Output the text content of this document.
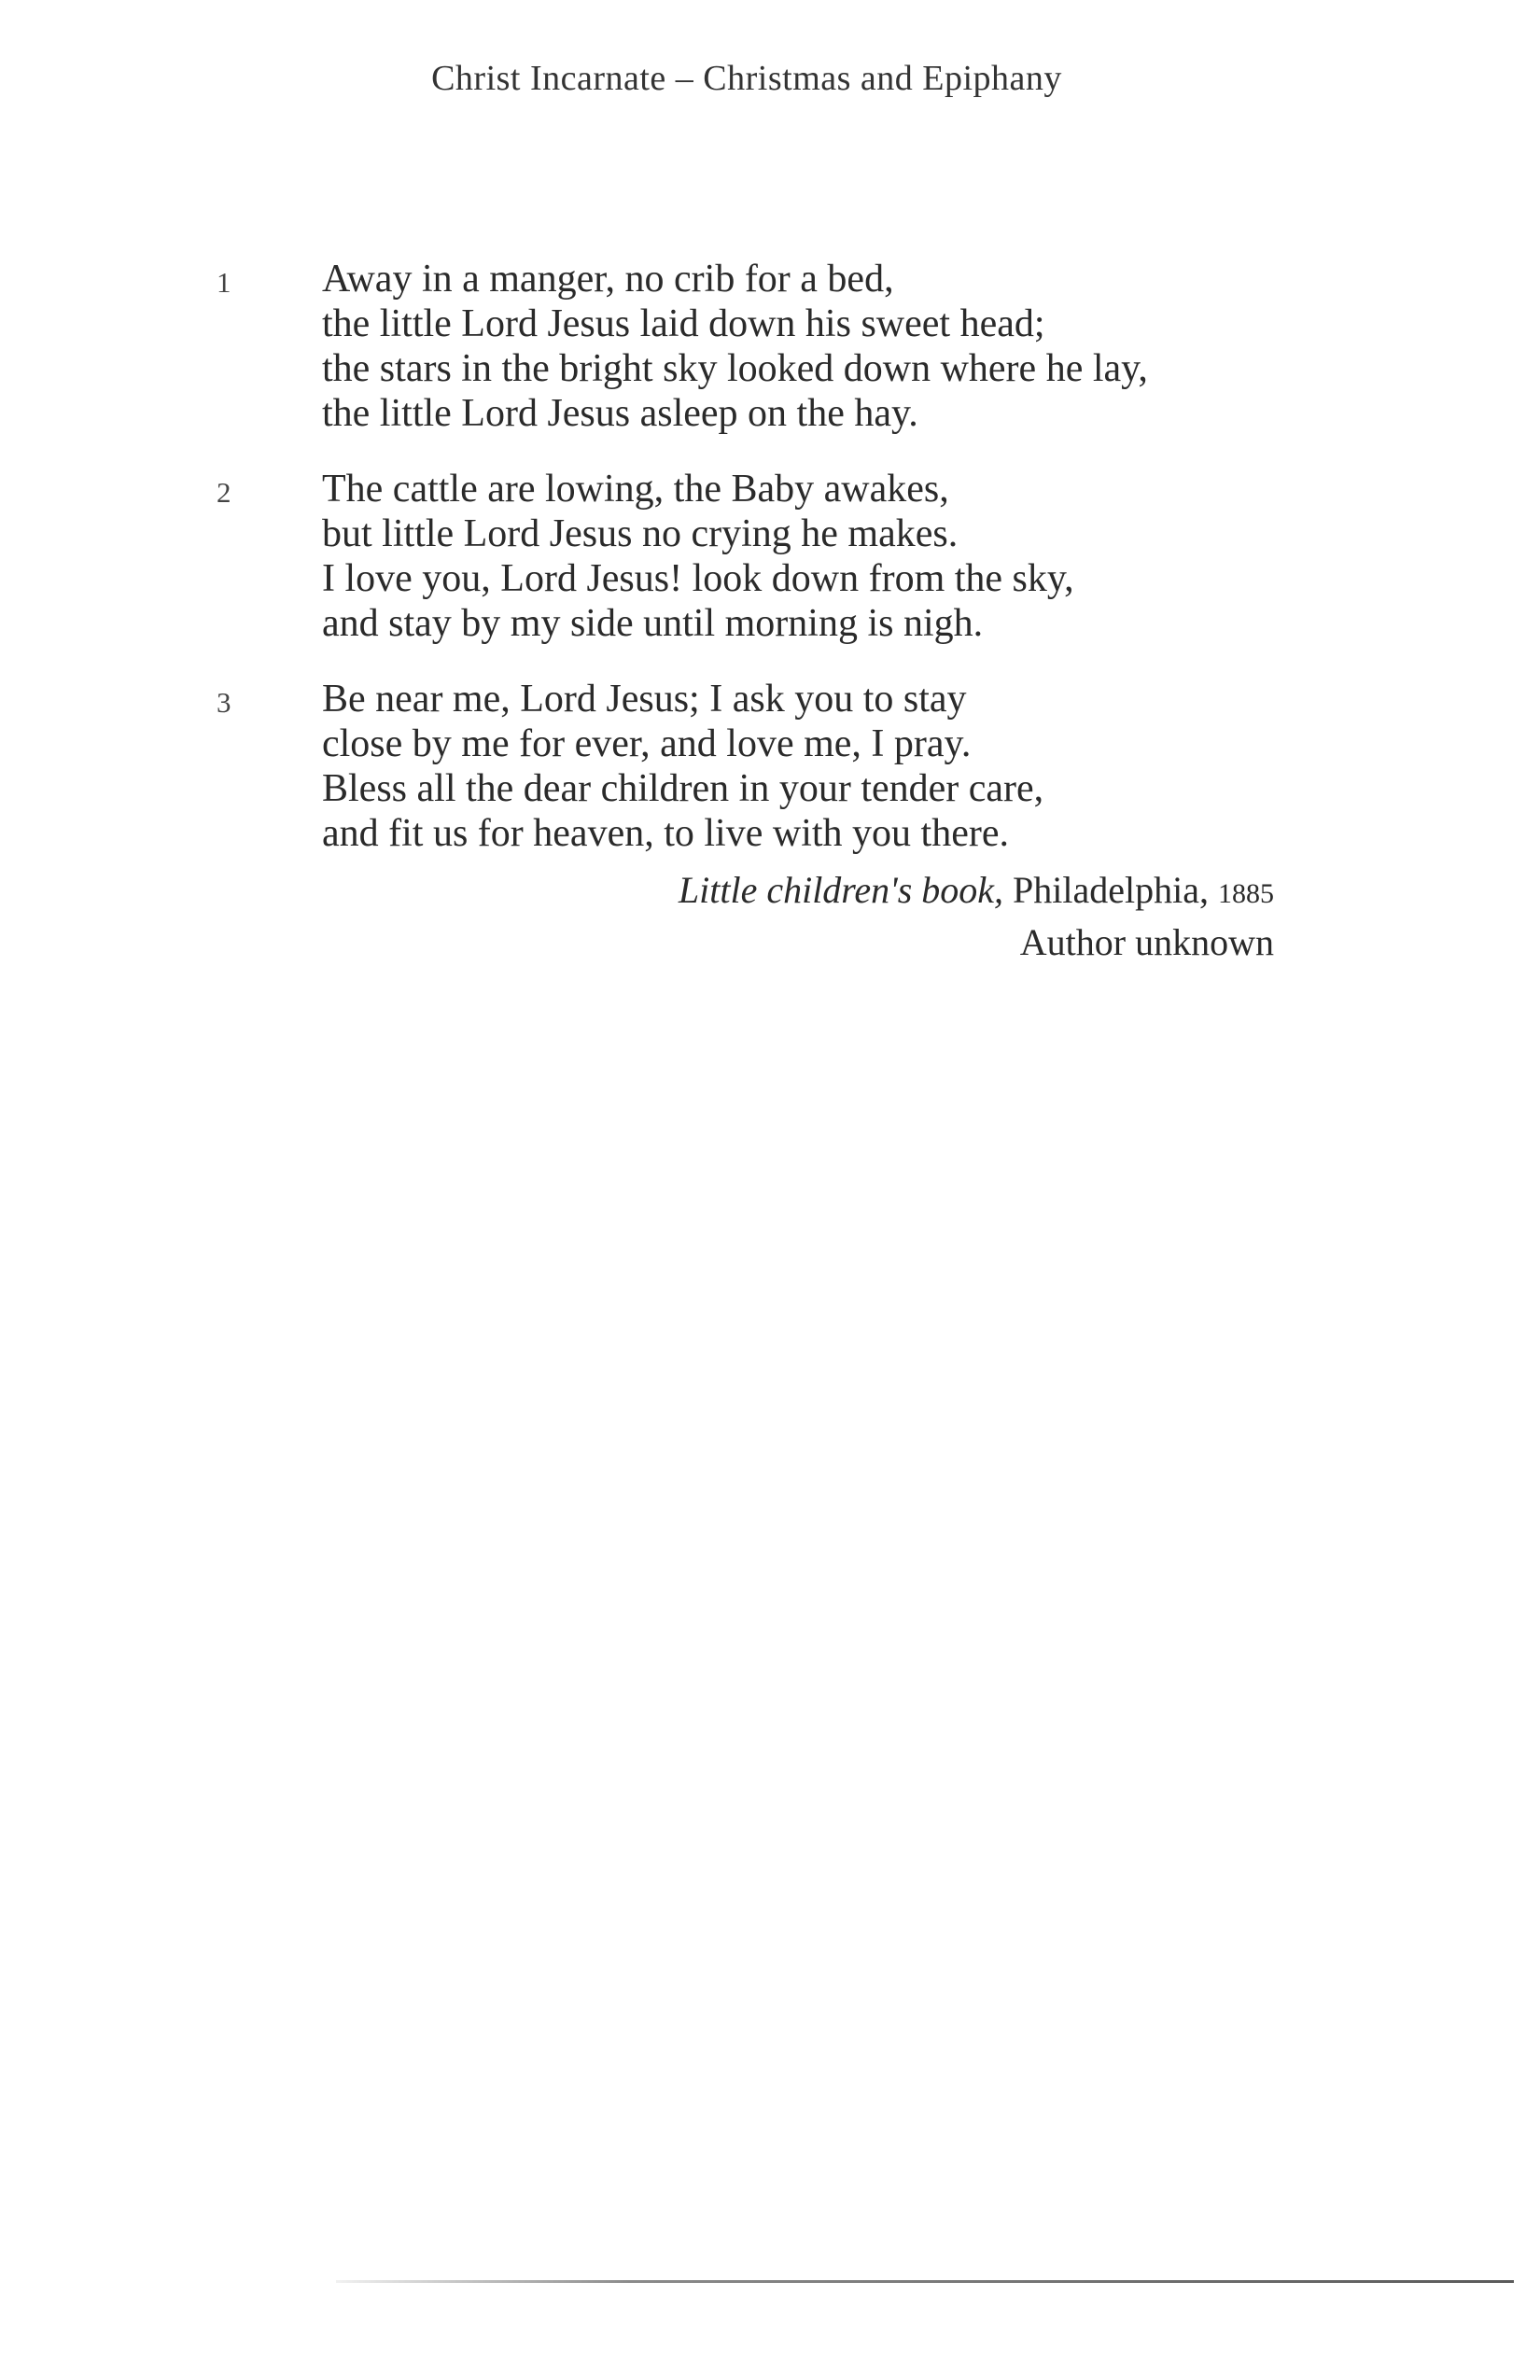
Christ Incarnate – Christmas and Epiphany
1 Away in a manger, no crib for a bed,
the little Lord Jesus laid down his sweet head;
the stars in the bright sky looked down where he lay,
the little Lord Jesus asleep on the hay.
2 The cattle are lowing, the Baby awakes,
but little Lord Jesus no crying he makes.
I love you, Lord Jesus! look down from the sky,
and stay by my side until morning is nigh.
3 Be near me, Lord Jesus; I ask you to stay
close by me for ever, and love me, I pray.
Bless all the dear children in your tender care,
and fit us for heaven, to live with you there.
Little children's book, Philadelphia, 1885
Author unknown
